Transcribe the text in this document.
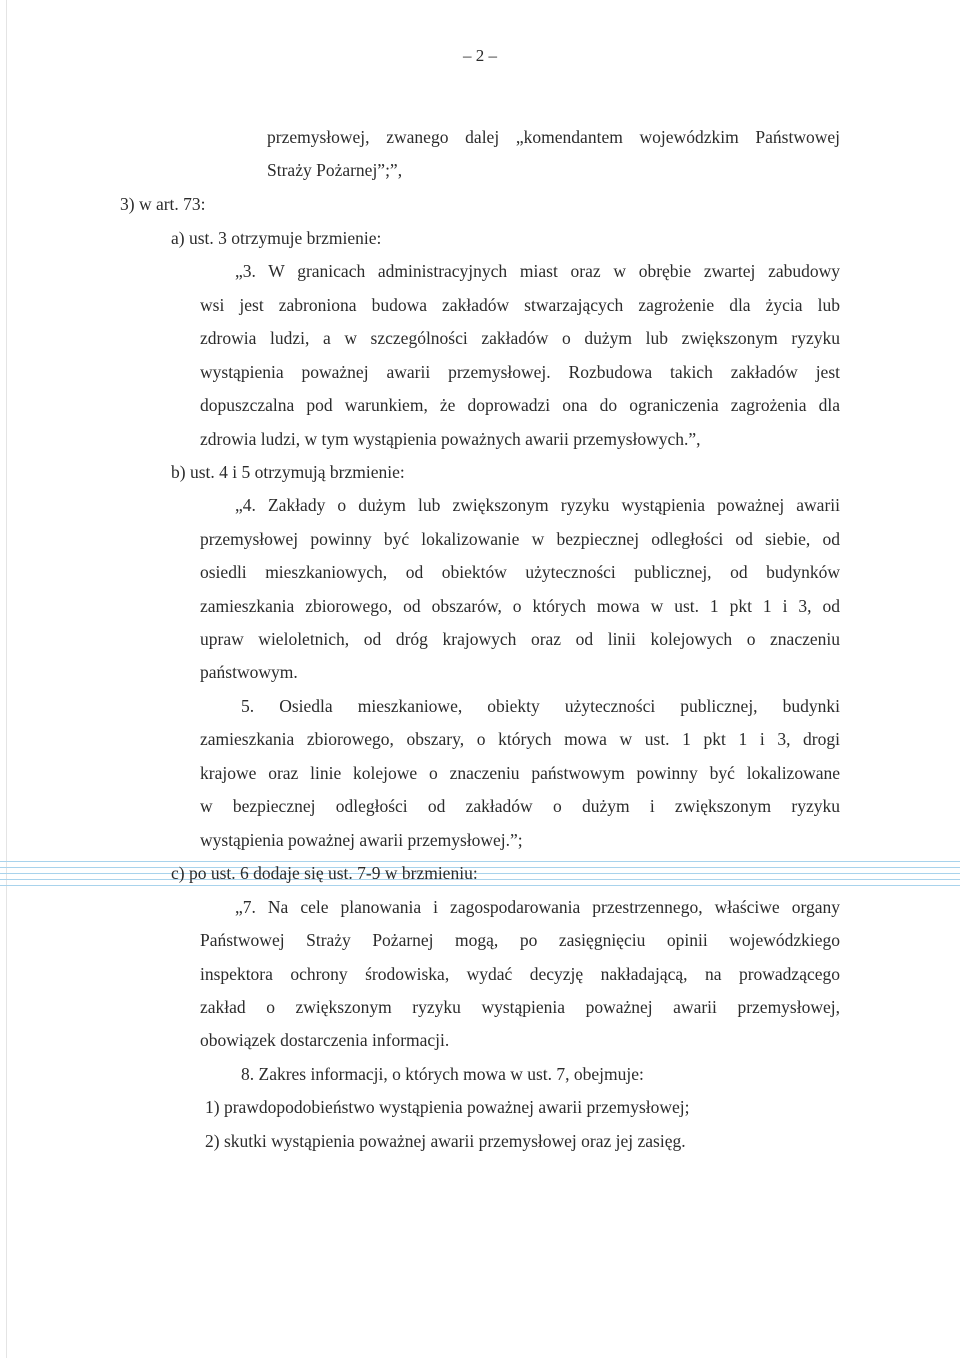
– 2 –
przemysłowej, zwanego dalej „komendantem wojewódzkim Państwowej
Straży Pożarnej”;”,
3) w art. 73:
a) ust. 3 otrzymuje brzmienie:
„3. W granicach administracyjnych miast oraz w obrębie zwartej zabudowy
wsi jest zabroniona budowa zakładów stwarzających zagrożenie dla życia lub
zdrowia ludzi, a w szczególności zakładów o dużym lub zwiększonym ryzyku
wystąpienia poważnej awarii przemysłowej. Rozbudowa takich zakładów jest
dopuszczalna pod warunkiem, że doprowadzi ona do ograniczenia zagrożenia dla
zdrowia ludzi, w tym wystąpienia poważnych awarii przemysłowych.”,
b) ust. 4 i 5 otrzymują brzmienie:
„4. Zakłady o dużym lub zwiększonym ryzyku wystąpienia poważnej awarii
przemysłowej powinny być lokalizowanie w bezpiecznej odległości od siebie, od
osiedli mieszkaniowych, od obiektów użyteczności publicznej, od budynków
zamieszkania zbiorowego, od obszarów, o których mowa w ust. 1 pkt 1 i 3, od
upraw wieloletnich, od dróg krajowych oraz od linii kolejowych o znaczeniu
państwowym.
5. Osiedla mieszkaniowe, obiekty użyteczności publicznej, budynki
zamieszkania zbiorowego, obszary, o których mowa w ust. 1 pkt 1 i 3, drogi
krajowe oraz linie kolejowe o znaczeniu państwowym powinny być lokalizowane
w bezpiecznej odległości od zakładów o dużym i zwiększonym ryzyku
wystąpienia poważnej awarii przemysłowej.”;
c) po ust. 6 dodaje się ust. 7-9 w brzmieniu:
„7. Na cele planowania i zagospodarowania przestrzennego, właściwe organy
Państwowej Straży Pożarnej mogą, po zasięgnięciu opinii wojewódzkiego
inspektora ochrony środowiska, wydać decyzję nakładającą, na prowadzącego
zakład o zwiększonym ryzyku wystąpienia poważnej awarii przemysłowej,
obowiązek dostarczenia informacji.
8. Zakres informacji, o których mowa w ust. 7, obejmuje:
1) prawdopodobieństwo wystąpienia poważnej awarii przemysłowej;
2) skutki wystąpienia poważnej awarii przemysłowej oraz jej zasięg.
